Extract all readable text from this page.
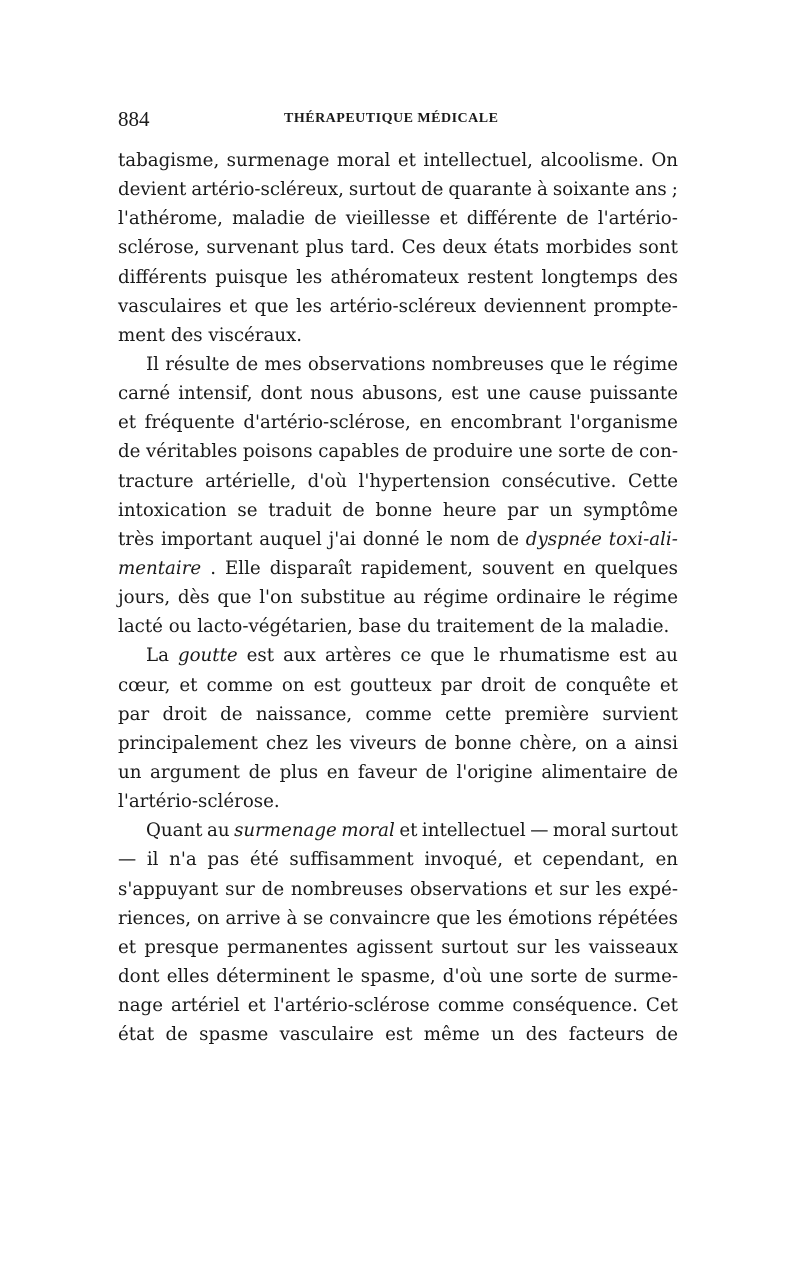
884	THÉRAPEUTIQUE MÉDICALE
tabagisme, surmenage moral et intellectuel, alcoolisme. On
devient artério-scléreux, surtout de quarante à soixante ans ;
l'athérome, maladie de vieillesse et différente de l'artério-
sclérose, survenant plus tard. Ces deux états morbides sont
différents puisque les athéromateux restent longtemps des
vasculaires et que les artério-scléreux deviennent prompte-
ment des viscéraux.
Il résulte de mes observations nombreuses que le régime
carné intensif, dont nous abusons, est une cause puissante
et fréquente d'artério-sclérose, en encombrant l'organisme
de véritables poisons capables de produire une sorte de con-
tracture artérielle, d'où l'hypertension consécutive. Cette
intoxication se traduit de bonne heure par un symptôme
très important auquel j'ai donné le nom de dyspnée toxi-ali-
mentaire . Elle disparaît rapidement, souvent en quelques
jours, dès que l'on substitue au régime ordinaire le régime
lacté ou lacto-végétarien, base du traitement de la maladie.
La goutte est aux artères ce que le rhumatisme est au
cœur, et comme on est goutteux par droit de conquête et
par droit de naissance, comme cette première survient
principalement chez les viveurs de bonne chère, on a ainsi
un argument de plus en faveur de l'origine alimentaire de
l'artério-sclérose.
Quant au surmenage moral et intellectuel — moral surtout
— il n'a pas été suffisamment invoqué, et cependant, en
s'appuyant sur de nombreuses observations et sur les expé-
riences, on arrive à se convaincre que les émotions répétées
et presque permanentes agissent surtout sur les vaisseaux
dont elles déterminent le spasme, d'où une sorte de surme-
nage artériel et l'artério-sclérose comme conséquence. Cet
état de spasme vasculaire est même un des facteurs de
